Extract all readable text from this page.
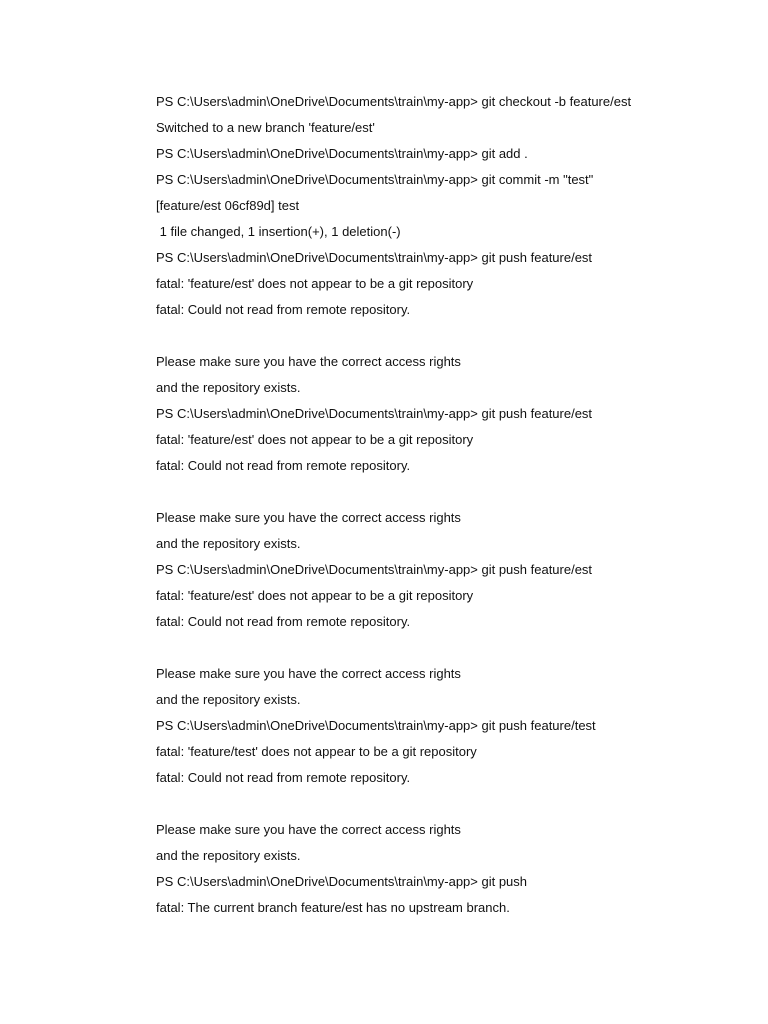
PS C:\Users\admin\OneDrive\Documents\train\my-app> git checkout -b feature/est
Switched to a new branch 'feature/est'
PS C:\Users\admin\OneDrive\Documents\train\my-app> git add .
PS C:\Users\admin\OneDrive\Documents\train\my-app> git commit -m "test"
[feature/est 06cf89d] test
1 file changed, 1 insertion(+), 1 deletion(-)
PS C:\Users\admin\OneDrive\Documents\train\my-app> git push feature/est
fatal: 'feature/est' does not appear to be a git repository
fatal: Could not read from remote repository.
Please make sure you have the correct access rights
and the repository exists.
PS C:\Users\admin\OneDrive\Documents\train\my-app> git push feature/est
fatal: 'feature/est' does not appear to be a git repository
fatal: Could not read from remote repository.
Please make sure you have the correct access rights
and the repository exists.
PS C:\Users\admin\OneDrive\Documents\train\my-app> git push feature/est
fatal: 'feature/est' does not appear to be a git repository
fatal: Could not read from remote repository.
Please make sure you have the correct access rights
and the repository exists.
PS C:\Users\admin\OneDrive\Documents\train\my-app> git push feature/test
fatal: 'feature/test' does not appear to be a git repository
fatal: Could not read from remote repository.
Please make sure you have the correct access rights
and the repository exists.
PS C:\Users\admin\OneDrive\Documents\train\my-app> git push
fatal: The current branch feature/est has no upstream branch.
